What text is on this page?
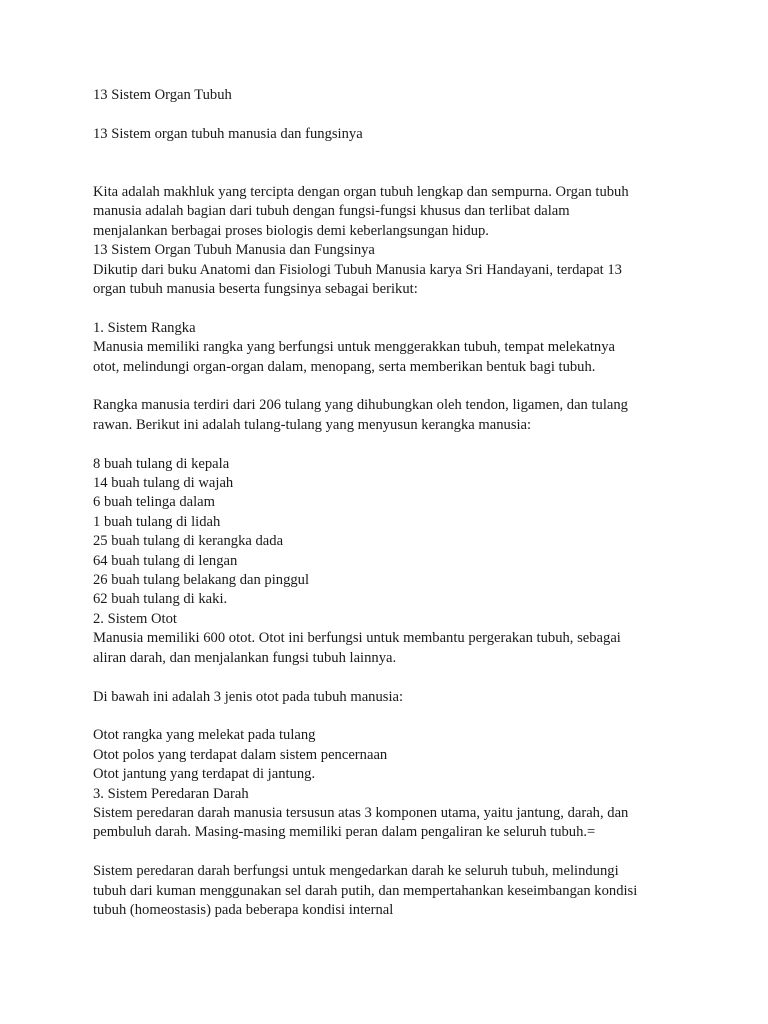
13 Sistem Organ Tubuh
13 Sistem organ tubuh manusia dan fungsinya
Kita adalah makhluk yang tercipta dengan organ tubuh lengkap dan sempurna. Organ tubuh
manusia adalah bagian dari tubuh dengan fungsi-fungsi khusus dan terlibat dalam
menjalankan berbagai proses biologis demi keberlangsungan hidup.
13 Sistem Organ Tubuh Manusia dan Fungsinya
Dikutip dari buku Anatomi dan Fisiologi Tubuh Manusia karya Sri Handayani, terdapat 13
organ tubuh manusia beserta fungsinya sebagai berikut:
1. Sistem Rangka
Manusia memiliki rangka yang berfungsi untuk menggerakkan tubuh, tempat melekatnya
otot, melindungi organ-organ dalam, menopang, serta memberikan bentuk bagi tubuh.
Rangka manusia terdiri dari 206 tulang yang dihubungkan oleh tendon, ligamen, dan tulang
rawan. Berikut ini adalah tulang-tulang yang menyusun kerangka manusia:
8 buah tulang di kepala
14 buah tulang di wajah
6 buah telinga dalam
1 buah tulang di lidah
25 buah tulang di kerangka dada
64 buah tulang di lengan
26 buah tulang belakang dan pinggul
62 buah tulang di kaki.
2. Sistem Otot
Manusia memiliki 600 otot. Otot ini berfungsi untuk membantu pergerakan tubuh, sebagai
aliran darah, dan menjalankan fungsi tubuh lainnya.
Di bawah ini adalah 3 jenis otot pada tubuh manusia:
Otot rangka yang melekat pada tulang
Otot polos yang terdapat dalam sistem pencernaan
Otot jantung yang terdapat di jantung.
3. Sistem Peredaran Darah
Sistem peredaran darah manusia tersusun atas 3 komponen utama, yaitu jantung, darah, dan
pembuluh darah. Masing-masing memiliki peran dalam pengaliran ke seluruh tubuh.=
Sistem peredaran darah berfungsi untuk mengedarkan darah ke seluruh tubuh, melindungi
tubuh dari kuman menggunakan sel darah putih, dan mempertahankan keseimbangan kondisi
tubuh (homeostasis) pada beberapa kondisi internal
